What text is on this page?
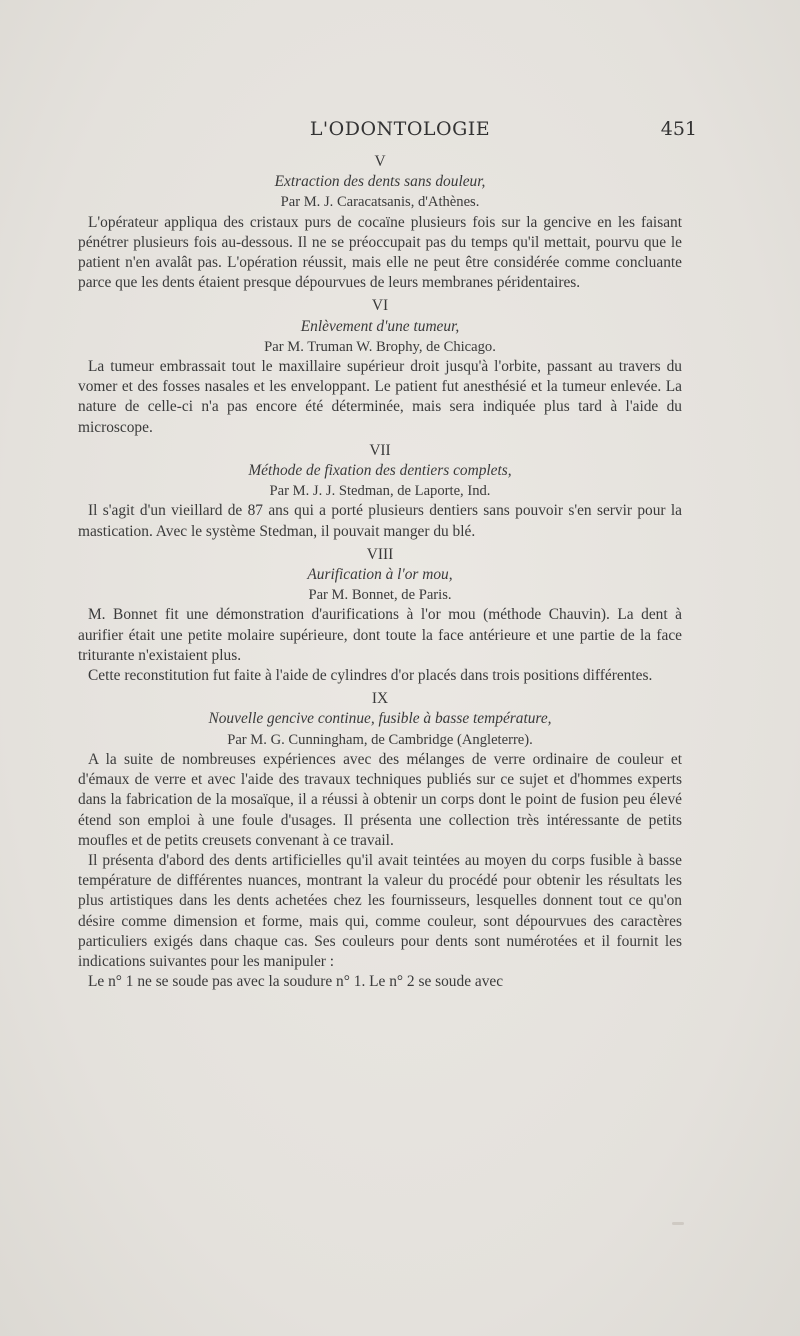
L'ODONTOLOGIE	451

V

Extraction des dents sans douleur,

Par M. J. Caracatsanis, d'Athènes.

L'opérateur appliqua des cristaux purs de cocaïne plusieurs fois sur la gencive en les faisant pénétrer plusieurs fois au-dessous. Il ne se préoccupait pas du temps qu'il mettait, pourvu que le patient n'en avalât pas. L'opération réussit, mais elle ne peut être considérée comme concluante parce que les dents étaient presque dépourvues de leurs membranes péridentaires.

VI

Enlèvement d'une tumeur,

Par M. Truman W. Brophy, de Chicago.

La tumeur embrassait tout le maxillaire supérieur droit jusqu'à l'orbite, passant au travers du vomer et des fosses nasales et les enveloppant. Le patient fut anesthésié et la tumeur enlevée. La nature de celle-ci n'a pas encore été déterminée, mais sera indiquée plus tard à l'aide du microscope.

VII

Méthode de fixation des dentiers complets,

Par M. J. J. Stedman, de Laporte, Ind.

Il s'agit d'un vieillard de 87 ans qui a porté plusieurs dentiers sans pouvoir s'en servir pour la mastication. Avec le système Stedman, il pouvait manger du blé.

VIII

Aurification à l'or mou,

Par M. Bonnet, de Paris.

M. Bonnet fit une démonstration d'aurifications à l'or mou (méthode Chauvin). La dent à aurifier était une petite molaire supérieure, dont toute la face antérieure et une partie de la face triturante n'existaient plus.

Cette reconstitution fut faite à l'aide de cylindres d'or placés dans trois positions différentes.

IX

Nouvelle gencive continue, fusible à basse température,

Par M. G. Cunningham, de Cambridge (Angleterre).

A la suite de nombreuses expériences avec des mélanges de verre ordinaire de couleur et d'émaux de verre et avec l'aide des travaux techniques publiés sur ce sujet et d'hommes experts dans la fabrication de la mosaïque, il a réussi à obtenir un corps dont le point de fusion peu élevé étend son emploi à une foule d'usages. Il présenta une collection très intéressante de petits moufles et de petits creusets convenant à ce travail.

Il présenta d'abord des dents artificielles qu'il avait teintées au moyen du corps fusible à basse température de différentes nuances, montrant la valeur du procédé pour obtenir les résultats les plus artistiques dans les dents achetées chez les fournisseurs, lesquelles donnent tout ce qu'on désire comme dimension et forme, mais qui, comme couleur, sont dépourvues des caractères particuliers exigés dans chaque cas. Ses couleurs pour dents sont numérotées et il fournit les indications suivantes pour les manipuler :

Le n° 1 ne se soude pas avec la soudure n° 1. Le n° 2 se soude avec
